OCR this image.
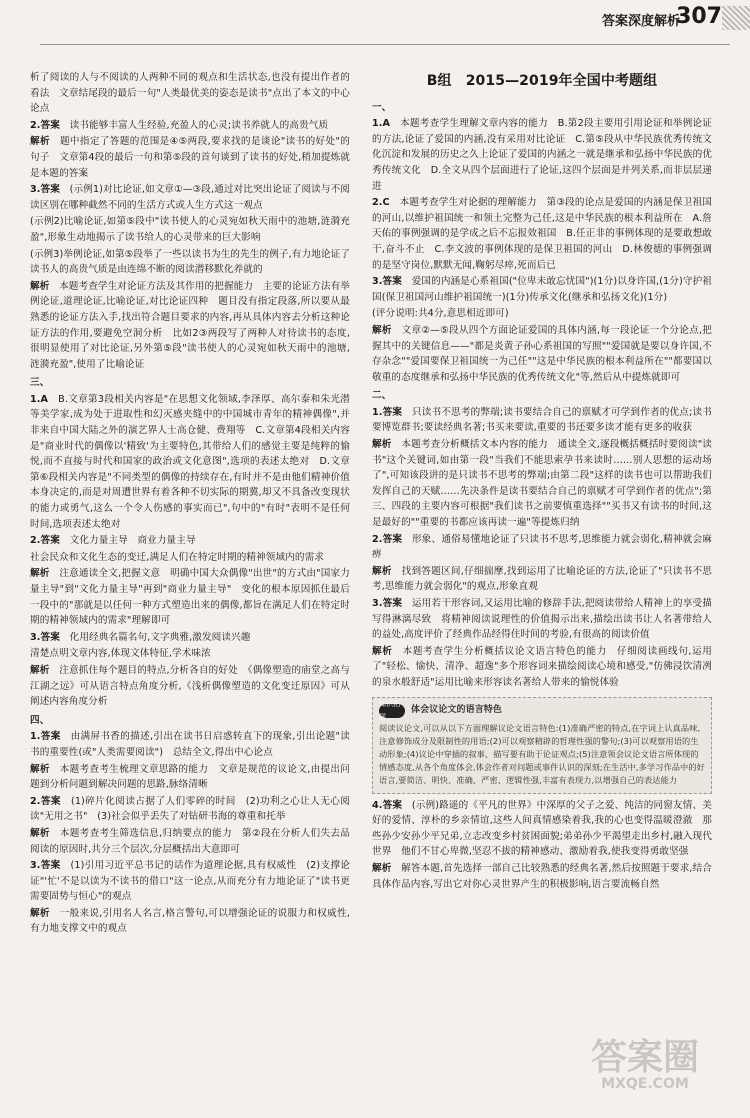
答案深度解析
307

析了阅读的人与不阅读的人两种不同的观点和生活状态,也没有提出作者的看法　文章结尾段的最后一句"人类最优美的姿态是读书"点出了本文的中心论点

2.答案　 读书能够丰富人生经验,充盈人的心灵;读书养就人的高贵气质

解析　 题中指定了答题的范围是④⑤两段,要求找的是谈论"读书的好处"的句子　文章第4段的最后一句和第⑤段的首句谈到了读书的好处,稍加提炼就是本题的答案

3.答案　 (示例1)对比论证,如文章①—③段,通过对比突出论证了阅读与不阅读区别在哪种截然不同的生活方式或人生方式这一观点

(示例2)比喻论证,如第⑤段中"读书使人的心灵宛如秋天雨中的池塘,涟漪充盈",形象生动地揭示了读书给人的心灵带来的巨大影响

(示例3)举例论证,如第⑤段举了一些以读书为生的先生的例子,有力地论证了读书人的高贵气质是由连绵不断的阅读潜移默化养就的

解析　 本题考查学生对论证方法及其作用的把握能力　主要的论证方法有举例论证,道理论证,比喻论证,对比论证四种　题目没有指定段落,所以要从最熟悉的论证方法入手,找出符合题目要求的内容,再从具体内容去分析这种论证方法的作用,要避免空洞分析　比如2③两段写了两种人对待读书的态度,很明显使用了对比论证,另外第⑤段"读书使人的心灵宛如秋天雨中的池塘,涟漪充盈",使用了比喻论证

三、

1.A　 B.文章第3段相关内容是"在思想文化领域,李泽厚、高尔泰和朱光潜等美学家,成为处于进取性和幻灭感夹缝中的中国城市青年的精神偶像",并非来自中国大陆之外的演艺界人士高仓健、费翔等　C.文章第4段相关内容是"商业时代的偶像以'精致'为主要特色,其带给人们的感觉主要是纯粹的愉悦,而不直接与时代和国家的政治或文化意图",选项的表述太绝对　D.文章第⑥段相关内容是"不同类型的偶像的持续存在,有时并不是由他们精神价值本身决定的,而是对周遭世界有着各种不切实际的期冀,却又不具备改变现状的能力或勇气,这么一个令人伤感的事实而已",句中的"有时"表明不是任何时间,选项表述太绝对

2.答案　 文化力量主导　商业力量主导

社会民众和文化生态的变迁,满足人们在特定时期的精神领域内的需求

解析　 注意通读全文,把握文意　明确中国大众偶像"出世"的方式由"国家力量主导"到"文化力量主导"再到"商业力量主导"　变化的根本原因抓住最后一段中的"那就是以任何一种方式塑造出来的偶像,都旨在满足人们在特定时期的精神领域内的需求"理解即可

3.答案　 化用经典名篇名句,文字典雅,激发阅读兴趣

清楚点明文章内容,体现文体特征,学术味浓

解析　 注意抓住每个题目的特点,分析各自的好处　《偶像塑造的庙堂之高与江湖之远》可从语言特点角度分析,《浅析偶像塑造的文化变迁原因》可从阐述内容角度分析

四、

1.答案　 由满屏书香的描述,引出在读书日启惑转直下的现象,引出论题"读书的重要性(或"人类需要阅读")　总结全文,得出中心论点

解析　 本题考查考生梳理文章思路的能力　文章是规范的议论文,由提出问题到分析问题到解决问题的思路,脉络清晰

2.答案　 (1)碎片化阅读占据了人们零碎的时间　(2)功利之心让人无心阅读"无用之书"　(3)社会似乎丢失了对钻研书海的尊重和托举

解析　 本题考查考生筛选信息,归纳要点的能力　第②段在分析人们失去品阅读的原因时,共分三个层次,分层概括出大意即可

3.答案　 (1)引用习近平总书记的话作为道理论据,具有权威性　(2)支撑论证"'忙'不是以读为不读书的借口"这一论点,从而充分有力地论证了"读书更需要固势与恒心"的观点

解析　 一般来说,引用名人名言,格言警句,可以增强论证的说服力和权威性,有力地支撑文中的观点

B组　2015—2019年全国中考题组
一、

1.A　 本题考查学生理解文章内容的能力　B.第2段主要用引用论证和举例论证的方法,论证了爱国的内涵,没有采用对比论证　C.第⑤段从中华民族优秀传统文化沉淀和发展的历史之久上论证了爱国的内涵之一就是继承和弘扬中华民族的优秀传统文化　D.全文从四个层面进行了论证,这四个层面是并列关系,而非层层递进

2.C　 本题考查学生对论据的理解能力　第③段的论点是爱国的内涵是保卫祖国的河山,以维护祖国统一和领土完整为己任,这是中华民族的根本利益所在　A.詹天佑的事例强调的是学成之后不忘报效祖国　B.任正非的事例体现的是要敢想敢干,奋斗不止　C.李文波的事例体现的是保卫祖国的河山　D.林俊德的事例强调的是坚守岗位,默默无闻,鞠躬尽瘁,死而后已

3.答案　 爱国的内涵是心系祖国("位卑未敢忘忧国")(1分)以身许国,(1分)守护祖国(保卫祖国河山维护祖国统一)(1分)传承文化(继承和弘扬文化)(1分)

(评分说明:共4分,意思相近即可)

解析　 文章②—⑤段从四个方面论证爱国的具体内涵,每一段论证一个分论点,把握其中的关键信息——"都是炎黄子孙心系祖国的写照""爱国就是要以身许国,不存杂念""爱国要保卫祖国统一为己任""这是中华民族的根本利益所在""都要国以敬重的态度继承和弘扬中华民族的优秀传统文化"等,然后从中提炼就即可

二、

1.答案　 只读书不思考的弊端;读书要结合自己的禀赋才可学到作者的优点;读书要博览群书;要读经典名著;书买来要读,重要的书还要多读才能有更多的收获

解析　 本题考查分析概括文本内容的能力　通读全文,逐段概括概括时要阅读"读书"这个关键词,如由第一段"当我们不能思索孕书来读时……别人思想的运动场了",可知该段讲的是只读书不思考的弊端;由第二段"这样的读书也可以帮助我们发挥自己的天赋……先决条件是读书要结合自己的禀赋才可学到作者的优点";第三、四段的主要内容可根据"我们读书之前要慎重选择""买书又有读书的时间,这是最好的""重要的书都应该再读一遍"等提炼归纳

2.答案　 形象、通俗易懂地论证了只读书不思考,思维能力就会弱化,精神就会麻痹

解析　 找到答题区间,仔细揣摩,找到运用了比喻论证的方法,论证了"只读书不思考,思维能力就会弱化"的观点,形象直观

3.答案　 运用若干形容词,又运用比喻的修辞手法,把阅读带给人精神上的享受描写得淋漓尽致　将精神阅读说理性的价值揭示出来,描绘出读书让人名著带给人的益处,高度评价了经典作品经得住时间的考验,有很高的阅读价值

解析　 本题考查学生分析概括议论文语言特色的能力　仔细阅读画线句,运用了"轻松、愉快、清净、超逸"多个形容词来描绘阅读心境和感受,"仿佛浸饮清冽的泉水般舒适"运用比喻来形容读名著给人带来的愉悦体验

知识拓展
体会议论文的语言特色
阅读议论文,可以从以下方面理解议论文语言特色:(1)准确严密的特点,在字词上认真品味,注意修饰成分及限制性的用语;(2)可以观察精辟的哲理性强的警句;(3)可以观察用语的生动形象;(4)议论中穿插的叙事、描写要有助于论证观点;(5)注意领会议论文语言所体现的情感态度,从各个角度体会,体会作者对问题或事件认识的深刻;在生活中,多学习作品中的好语言,要简洁、明快、准确、严密、逻辑性强,丰富有表现力,以增强自己的表达能力

4.答案　 (示例)路遥的《平凡的世界》中深厚的父子之爱、纯洁的同窗友情、美好的爱情、淳朴的乡亲情谊,这些人间真情感染着我,我的心也变得温暖澄澈　那些孙少安孙少平兄弟,立志改变乡村贫困面貌;弟弟孙少平渴望走出乡村,融入现代世界　他们不甘心卑微,坚忍不拔的精神感动、激励着我,使我变得勇敢坚强

解析　 解答本题,首先选择一部自己比较熟悉的经典名著,然后按照题干要求,结合具体作品内容,写出它对你心灵世界产生的积极影响,语言要流畅自然

答案圈
MXQE.COM
